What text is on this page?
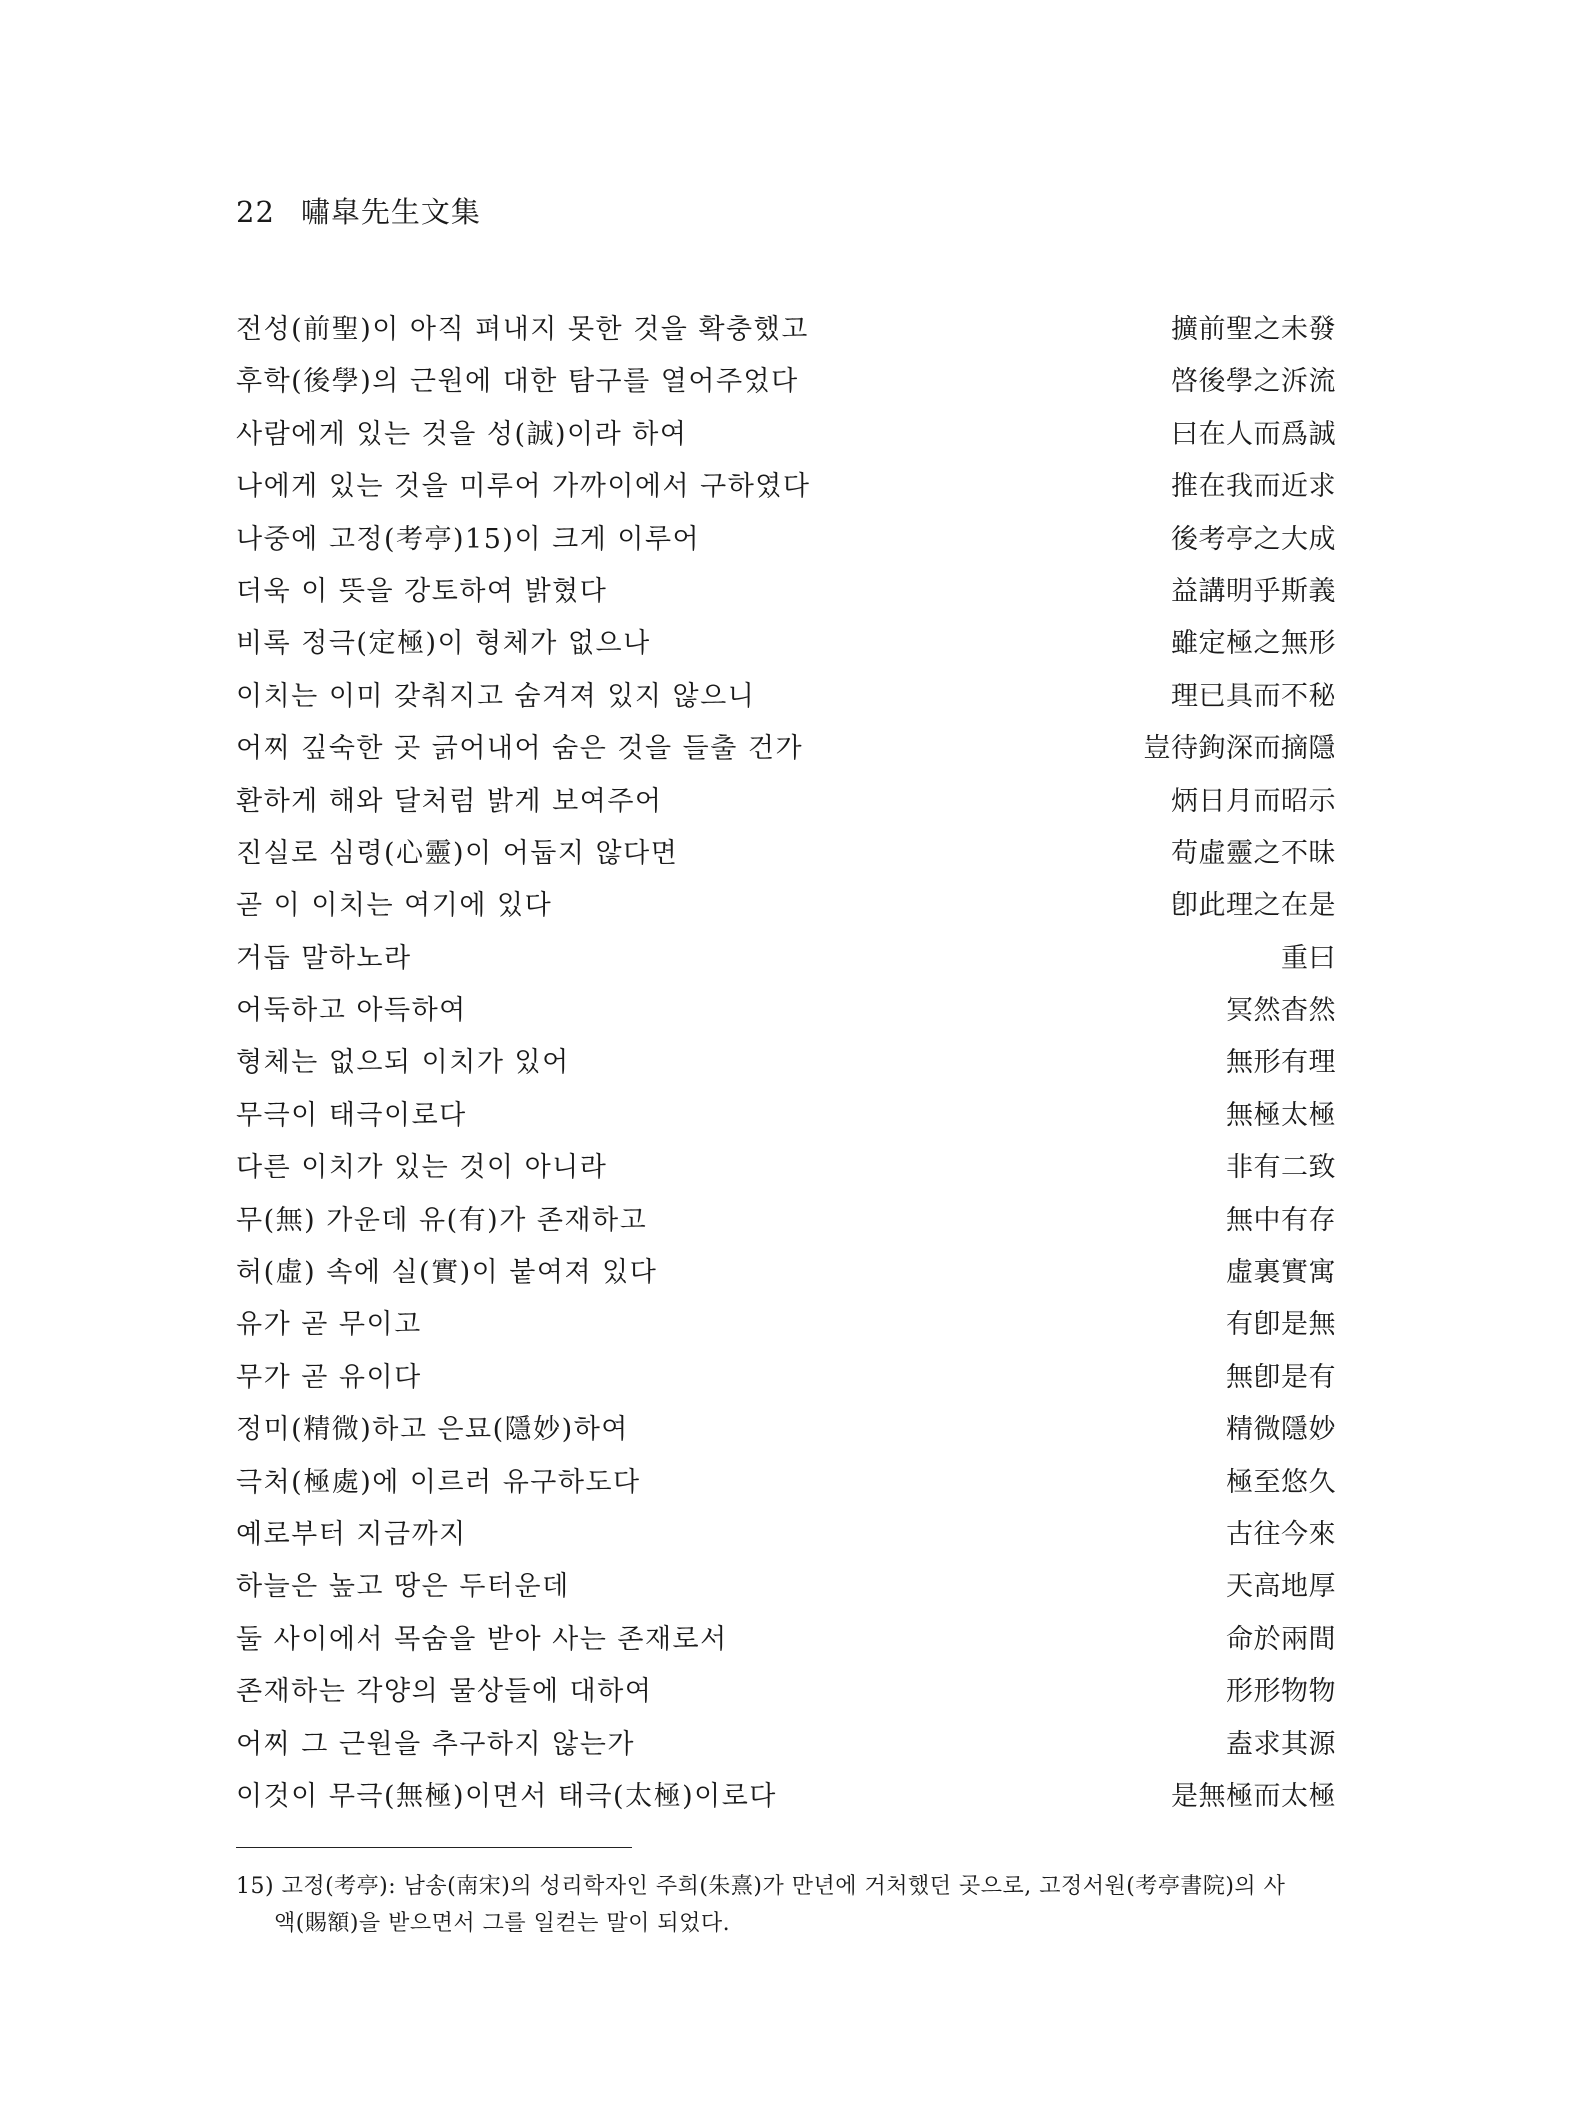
22 嘯皐先生文集
전성(前聖)이 아직 펴내지 못한 것을 확충했고	擴前聖之未發
후학(後學)의 근원에 대한 탐구를 열어주었다	啓後學之泝流
사람에게 있는 것을 성(誠)이라 하여	曰在人而爲誠
나에게 있는 것을 미루어 가까이에서 구하였다	推在我而近求
나중에 고정(考亭)15)이 크게 이루어	後考亭之大成
더욱 이 뜻을 강토하여 밝혔다	益講明乎斯義
비록 정극(定極)이 형체가 없으나	雖定極之無形
이치는 이미 갖춰지고 숨겨져 있지 않으니	理已具而不秘
어찌 깊숙한 곳 긁어내어 숨은 것을 들출 건가	豈待鉤深而摘隱
환하게 해와 달처럼 밝게 보여주어	炳日月而昭示
진실로 심령(心靈)이 어둡지 않다면	苟虛靈之不昧
곧 이 이치는 여기에 있다	卽此理之在是
거듭 말하노라	重曰
어둑하고 아득하여	冥然杳然
형체는 없으되 이치가 있어	無形有理
무극이 태극이로다	無極太極
다른 이치가 있는 것이 아니라	非有二致
무(無) 가운데 유(有)가 존재하고	無中有存
허(虛) 속에 실(實)이 붙여져 있다	虛裏實寓
유가 곧 무이고	有卽是無
무가 곧 유이다	無卽是有
정미(精微)하고 은묘(隱妙)하여	精微隱妙
극처(極處)에 이르러 유구하도다	極至悠久
예로부터 지금까지	古往今來
하늘은 높고 땅은 두터운데	天高地厚
둘 사이에서 목숨을 받아 사는 존재로서	命於兩間
존재하는 각양의 물상들에 대하여	形形物物
어찌 그 근원을 추구하지 않는가	盍求其源
이것이 무극(無極)이면서 태극(太極)이로다	是無極而太極
15) 고정(考亭): 남송(南宋)의 성리학자인 주희(朱熹)가 만년에 거처했던 곳으로, 고정서원(考亭書院)의 사
액(賜額)을 받으면서 그를 일컫는 말이 되었다.
